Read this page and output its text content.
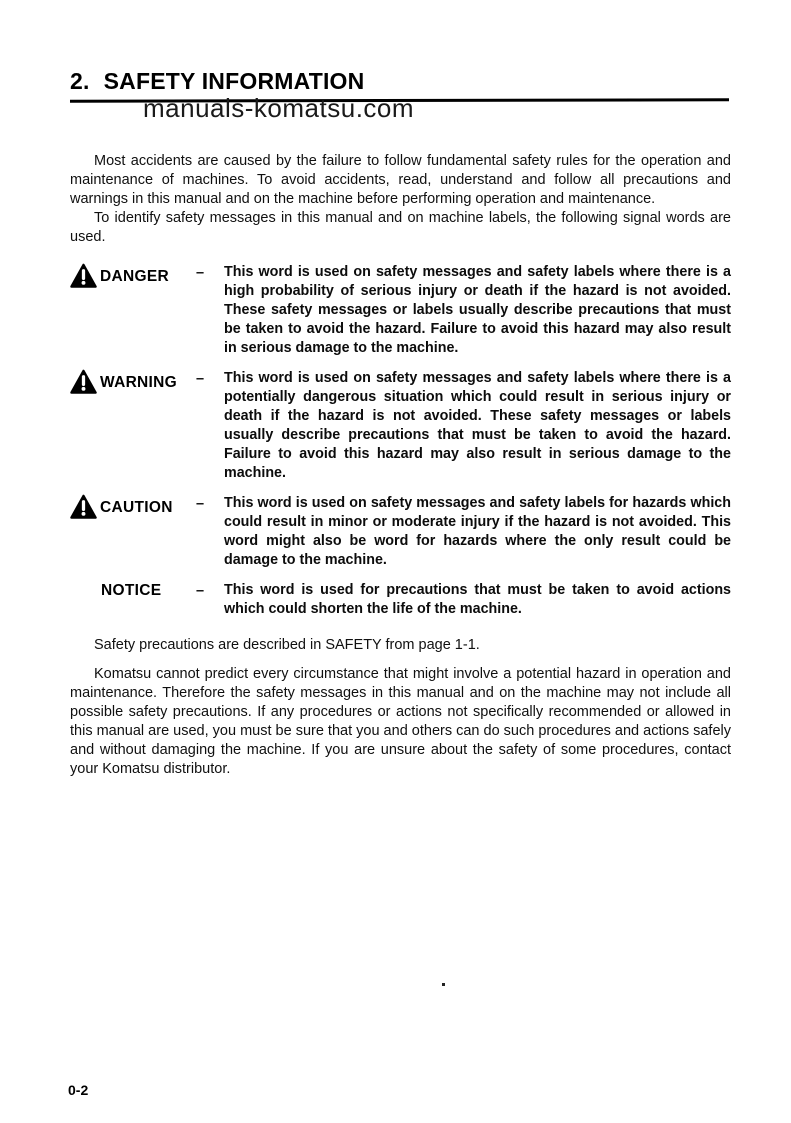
2. SAFETY INFORMATION
manuals-komatsu.com

Most accidents are caused by the failure to follow fundamental safety rules for the operation and maintenance of machines. To avoid accidents, read, understand and follow all precautions and warnings in this manual and on the machine before performing operation and maintenance.

To identify safety messages in this manual and on machine labels, the following signal words are used.

DANGER –	This word is used on safety messages and safety labels where there is a high probability of serious injury or death if the hazard is not avoided. These safety messages or labels usually describe precautions that must be taken to avoid the hazard. Failure to avoid this hazard may also result in serious damage to the machine.
WARNING –	This word is used on safety messages and safety labels where there is a potentially dangerous situation which could result in serious injury or death if the hazard is not avoided. These safety messages or labels usually describe precautions that must be taken to avoid the hazard. Failure to avoid this hazard may also result in serious damage to the machine.
CAUTION –	This word is used on safety messages and safety labels for hazards which could result in minor or moderate injury if the hazard is not avoided. This word might also be word for hazards where the only result could be damage to the machine.
NOTICE –	This word is used for precautions that must be taken to avoid actions which could shorten the life of the machine.

Safety precautions are described in SAFETY from page 1-1.

Komatsu cannot predict every circumstance that might involve a potential hazard in operation and maintenance. Therefore the safety messages in this manual and on the machine may not include all possible safety precautions. If any procedures or actions not specifically recommended or allowed in this manual are used, you must be sure that you and others can do such procedures and actions safely and without damaging the machine. If you are unsure about the safety of some procedures, contact your Komatsu distributor.

0-2
